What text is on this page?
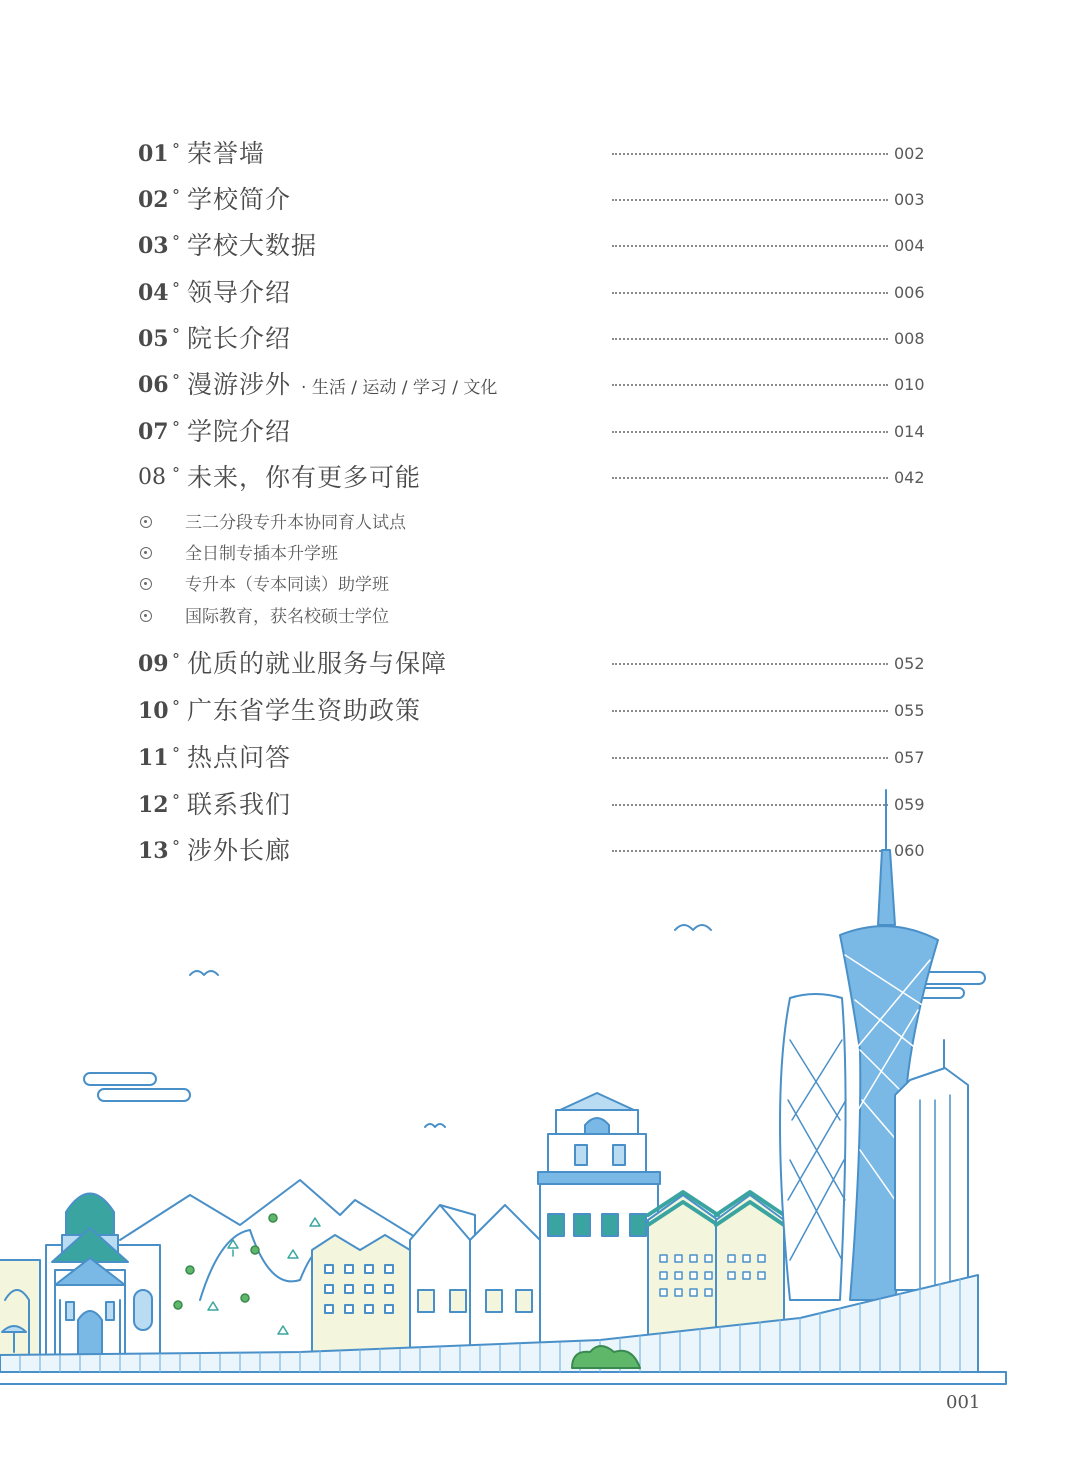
01 ° 荣誉墙	002
02 ° 学校简介	003
03 ° 学校大数据	004
04 ° 领导介绍	006
05 ° 院长介绍	008
06 ° 漫游涉外 · 生活 / 运动 / 学习 / 文化	010
07 ° 学院介绍	014
08 ° 未来，你有更多可能	042
三二分段专升本协同育人试点
全日制专插本升学班
专升本（专本同读）助学班
国际教育，获名校硕士学位
09 ° 优质的就业服务与保障	052
10 ° 广东省学生资助政策	055
11 ° 热点问答	057
12 ° 联系我们	059
13 ° 涉外长廊	060
001
